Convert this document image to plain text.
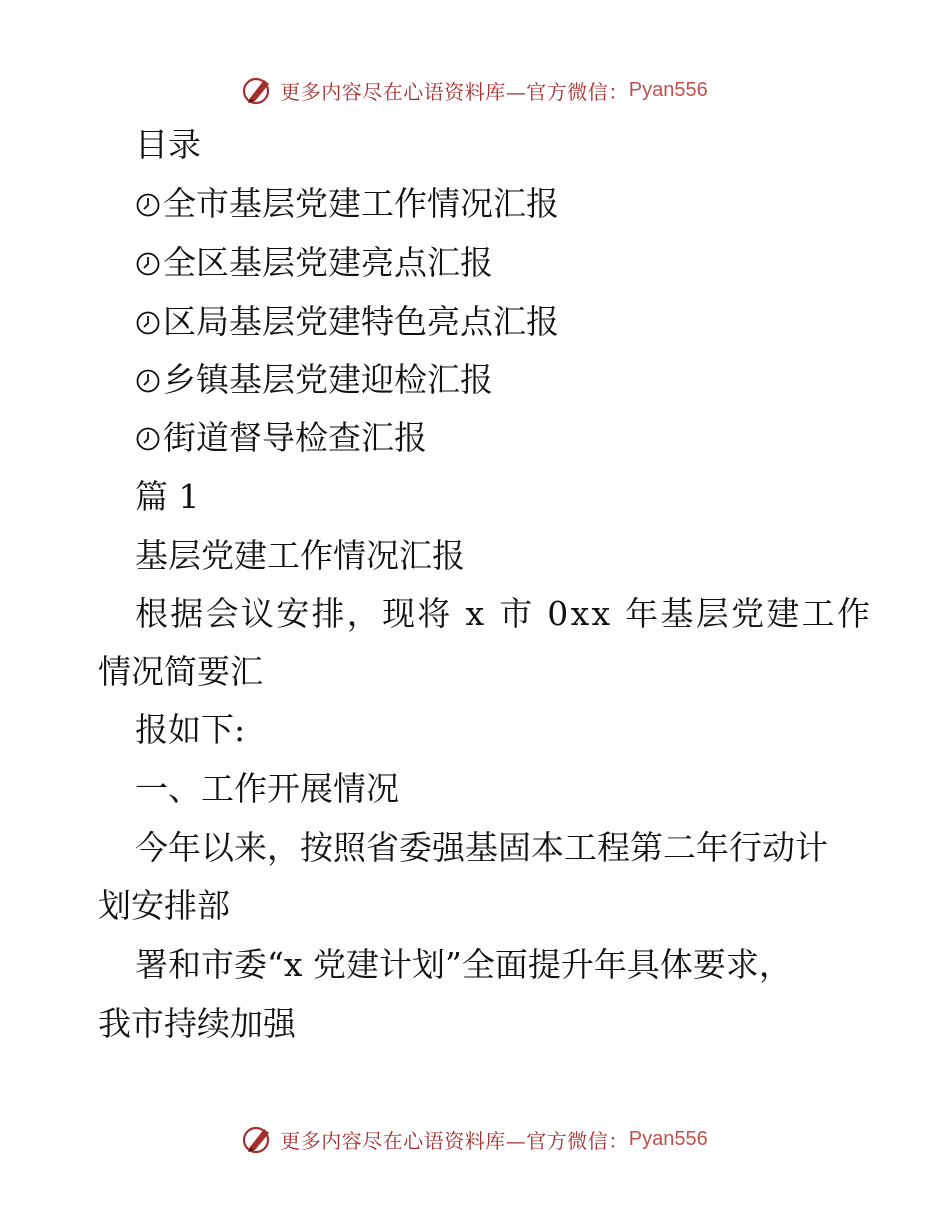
更多内容尽在心语资料库—官方微信： Pyan556
目录
全市基层党建工作情况汇报
全区基层党建亮点汇报
区局基层党建特色亮点汇报
乡镇基层党建迎检汇报
街道督导检查汇报
篇 1
基层党建工作情况汇报
根据会议安排，现将 x 市 0xx 年基层党建工作
情况简要汇
报如下:
一、工作开展情况
今年以来，按照省委强基固本工程第二年行动计
划安排部
署和市委“x 党建计划”全面提升年具体要求，
我市持续加强
更多内容尽在心语资料库—官方微信： Pyan556
